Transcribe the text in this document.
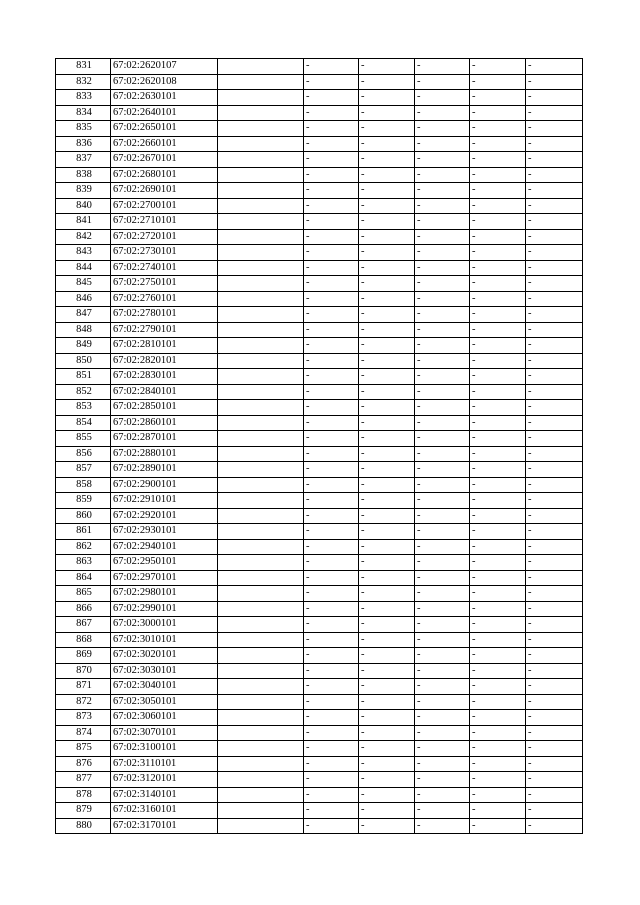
831	67:02:2620107		-	-	-	-	-
832	67:02:2620108		-	-	-	-	-
833	67:02:2630101		-	-	-	-	-
834	67:02:2640101		-	-	-	-	-
835	67:02:2650101		-	-	-	-	-
836	67:02:2660101		-	-	-	-	-
837	67:02:2670101		-	-	-	-	-
838	67:02:2680101		-	-	-	-	-
839	67:02:2690101		-	-	-	-	-
840	67:02:2700101		-	-	-	-	-
841	67:02:2710101		-	-	-	-	-
842	67:02:2720101		-	-	-	-	-
843	67:02:2730101		-	-	-	-	-
844	67:02:2740101		-	-	-	-	-
845	67:02:2750101		-	-	-	-	-
846	67:02:2760101		-	-	-	-	-
847	67:02:2780101		-	-	-	-	-
848	67:02:2790101		-	-	-	-	-
849	67:02:2810101		-	-	-	-	-
850	67:02:2820101		-	-	-	-	-
851	67:02:2830101		-	-	-	-	-
852	67:02:2840101		-	-	-	-	-
853	67:02:2850101		-	-	-	-	-
854	67:02:2860101		-	-	-	-	-
855	67:02:2870101		-	-	-	-	-
856	67:02:2880101		-	-	-	-	-
857	67:02:2890101		-	-	-	-	-
858	67:02:2900101		-	-	-	-	-
859	67:02:2910101		-	-	-	-	-
860	67:02:2920101		-	-	-	-	-
861	67:02:2930101		-	-	-	-	-
862	67:02:2940101		-	-	-	-	-
863	67:02:2950101		-	-	-	-	-
864	67:02:2970101		-	-	-	-	-
865	67:02:2980101		-	-	-	-	-
866	67:02:2990101		-	-	-	-	-
867	67:02:3000101		-	-	-	-	-
868	67:02:3010101		-	-	-	-	-
869	67:02:3020101		-	-	-	-	-
870	67:02:3030101		-	-	-	-	-
871	67:02:3040101		-	-	-	-	-
872	67:02:3050101		-	-	-	-	-
873	67:02:3060101		-	-	-	-	-
874	67:02:3070101		-	-	-	-	-
875	67:02:3100101		-	-	-	-	-
876	67:02:3110101		-	-	-	-	-
877	67:02:3120101		-	-	-	-	-
878	67:02:3140101		-	-	-	-	-
879	67:02:3160101		-	-	-	-	-
880	67:02:3170101		-	-	-	-	-
